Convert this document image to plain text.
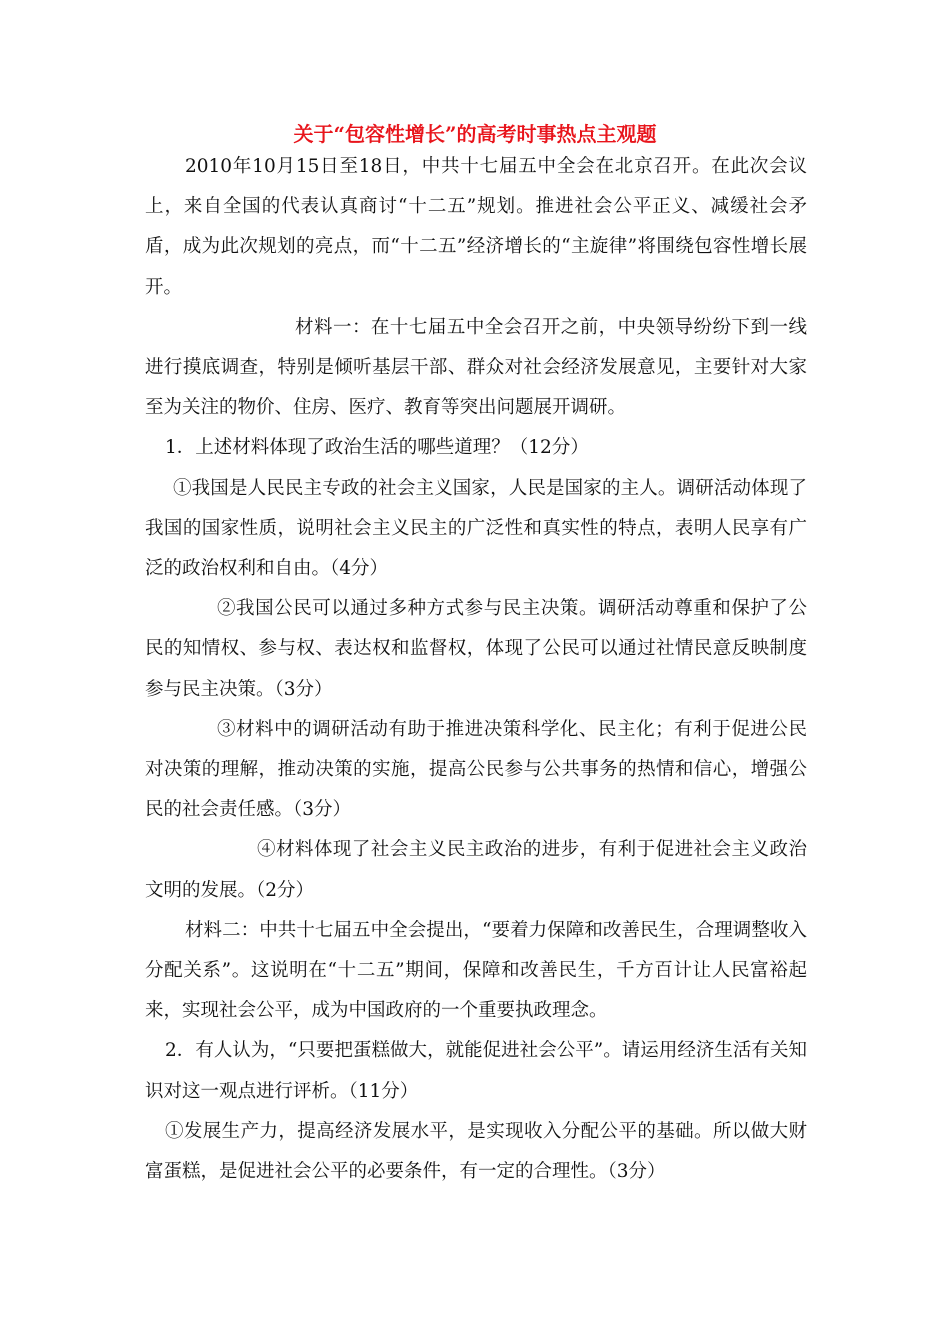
关于“包容性增长”的高考时事热点主观题

2010年10月15日至18日，中共十七届五中全会在北京召开。在此次会议上，来自全国的代表认真商讨“十二五”规划。推进社会公平正义、减缓社会矛盾，成为此次规划的亮点，而“十二五”经济增长的“主旋律”将围绕包容性增长展开。

材料一：在十七届五中全会召开之前，中央领导纷纷下到一线进行摸底调查，特别是倾听基层干部、群众对社会经济发展意见，主要针对大家至为关注的物价、住房、医疗、教育等突出问题展开调研。

1．上述材料体现了政治生活的哪些道理？（12分）

①我国是人民民主专政的社会主义国家，人民是国家的主人。调研活动体现了我国的国家性质，说明社会主义民主的广泛性和真实性的特点，表明人民享有广泛的政治权利和自由。（4分）

②我国公民可以通过多种方式参与民主决策。调研活动尊重和保护了公民的知情权、参与权、表达权和监督权，体现了公民可以通过社情民意反映制度参与民主决策。（3分）

③材料中的调研活动有助于推进决策科学化、民主化；有利于促进公民对决策的理解，推动决策的实施，提高公民参与公共事务的热情和信心，增强公民的社会责任感。（3分）

④材料体现了社会主义民主政治的进步，有利于促进社会主义政治文明的发展。（2分）

材料二：中共十七届五中全会提出，“要着力保障和改善民生，合理调整收入分配关系”。这说明在“十二五”期间，保障和改善民生，千方百计让人民富裕起来，实现社会公平，成为中国政府的一个重要执政理念。

2．有人认为，“只要把蛋糕做大，就能促进社会公平”。请运用经济生活有关知识对这一观点进行评析。（11分）

①发展生产力，提高经济发展水平，是实现收入分配公平的基础。所以做大财富蛋糕，是促进社会公平的必要条件，有一定的合理性。（3分）
